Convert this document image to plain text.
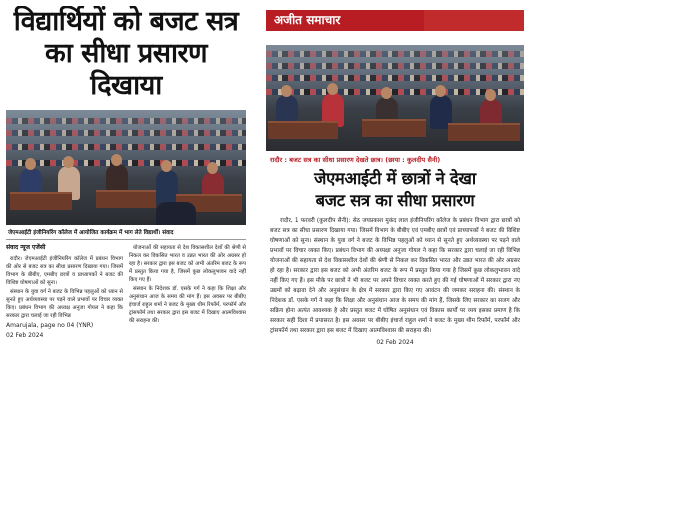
विद्यार्थियों को बजट सत्र
का सीधा प्रसारण दिखाया
जेएमआईटी इंजीनियरिंग कॉलेज में आयोजित कार्यक्रम में भाग लेते विद्यार्थी। संवाद
संवाद न्यूज एजेंसी

रादौर। जेएमआईटी इंजीनियरिंग कॉलेज में प्रबंधन विभाग की ओर से बजट सत्र का सीधा प्रसारण दिखाया गया। जिसमें विभाग के बीबीए, एमबीए छात्रों व प्राध्यापकों ने बजट की विशिष्ट घोषणाओं को सुना।

संस्थान के युवा वर्ग ने बजट के विभिन्न पहलुओं को ध्यान से सुनते हुए अर्थव्यवस्था पर पड़ने वाले प्रभावों पर विचार व्यक्त किए। प्रबंधन विभाग की अध्यक्ष अनुजा गोयल ने कहा कि सरकार द्वारा चलाई जा रही विभिन्न

Amarujala, page no 04 (YNR)
02 Feb 2024

योजनाओं की सहायता से देश विकासशील देशों की श्रेणी से निकल कर विकसित भारत व उन्नत भारत की ओर अग्रसर हो रहा है। सरकार द्वारा इस बजट को अभी अंतरिम बजट के रूप में प्रस्तुत किया गया है, जिसमें कुछ लोकलुभावन वादे नहीं किए गए हैं।

संस्थान के निदेशक डॉ. एसके गर्ग ने कहा कि शिक्षा और अनुसंधान आज के समय की मांग हैं। इस अवसर पर बीबीए इंचार्ज राहुल शर्मा ने बजट के मुख्य थीम रिफॉर्म, परफॉर्म और ट्रांसफॉर्म तथा सरकार द्वारा इस बजट में दिखाए आत्मविश्वास की सराहना की।

अजीत समाचार
रादौर : बजट सत्र का सीधा प्रसारण देखते छात्र। (छाया : कुलदीप सैनी)
जेएमआईटी में छात्रों ने देखा
बजट सत्र का सीधा प्रसारण

रादौर, 1 फरवरी (कुलदीप सैनी): सेठ जयप्रकाश मुकंद लाल इंजीनियरिंग कॉलेज के प्रबंधन विभाग द्वारा छात्रों को बजट सत्र का सीधा प्रसारण दिखाया गया। जिसमें विभाग के बीबीए एवं एमबीए छात्रों एवं प्राध्यापकों ने बजट की विशिष्ट घोषणाओं को सुना। संस्थान के युवा वर्ग ने बजट के विभिन्न पहलुओं को ध्यान से सुनते हुए अर्थव्यवस्था पर पड़ने वाले प्रभावों पर विचार व्यक्त किए। प्रबंधन विभाग की अध्यक्षा अनुजा गोयल ने कहा कि सरकार द्वारा चलाई जा रही विभिन्न योजनाओं की सहायता से देश विकासशील देशों की श्रेणी से निकल कर विकसित भारत और उन्नत भारत की ओर अग्रसर हो रहा है। सरकार द्वारा इस बजट को अभी अंतरिम बजट के रूप में प्रस्तुत किया गया है जिसमें कुछ लोकलुभावन वादे नहीं किए गए हैं। इस मौके पर छात्रों ने भी बजट पर अपने विचार व्यक्त करते हुए की गई घोषणाओं में सरकार द्वारा नए उद्यमों को बढ़ावा देने और अनुसंधान के क्षेत्र में सरकार द्वारा किए गए आवंटन की जमकर सराहना की। संस्थान के निदेशक डॉ. एसके गर्ग ने कहा कि शिक्षा और अनुसंधान आज के समय की मांग हैं, जिसके लिए सरकार का सजग और सक्रिय होना अत्यंत आवश्यक है और प्रस्तुत बजट में घोषित अनुसंधान एवं विकास कार्यों पर व्यय इसका प्रमाण है कि सरकार सही दिशा में प्रयासरत है। इस अवसर पर बीबीए इंचार्ज राहुल शर्मा ने बजट के मुख्य थीम रिफॉर्म, परफॉर्म और ट्रांसफॉर्म तथा सरकार द्वारा इस बजट में दिखाए आत्मविश्वास की सराहना की।

02 Feb 2024
